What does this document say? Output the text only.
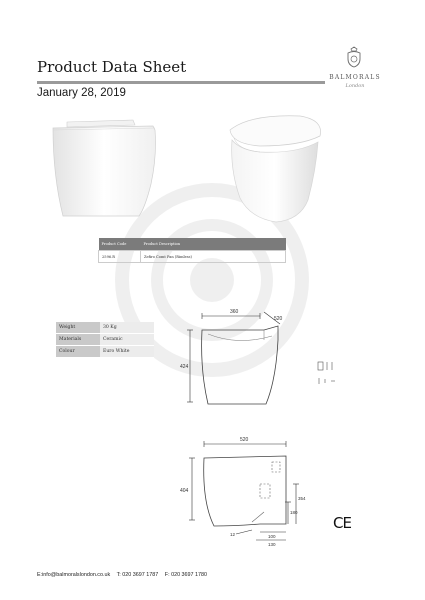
Product Data Sheet
January 28, 2019
BALMORALS
London
Product Code	Product Description
2596.R	Zefiro Comt Pan (Rimless)
Weight	30 Kg
Materials	Ceramic
Colour	Euro White
360
520
424
520
404
354
180
12	100
130
CE
E:info@balmoralslondon.co.uk T: 020 3697 1787 F: 020 3697 1780
